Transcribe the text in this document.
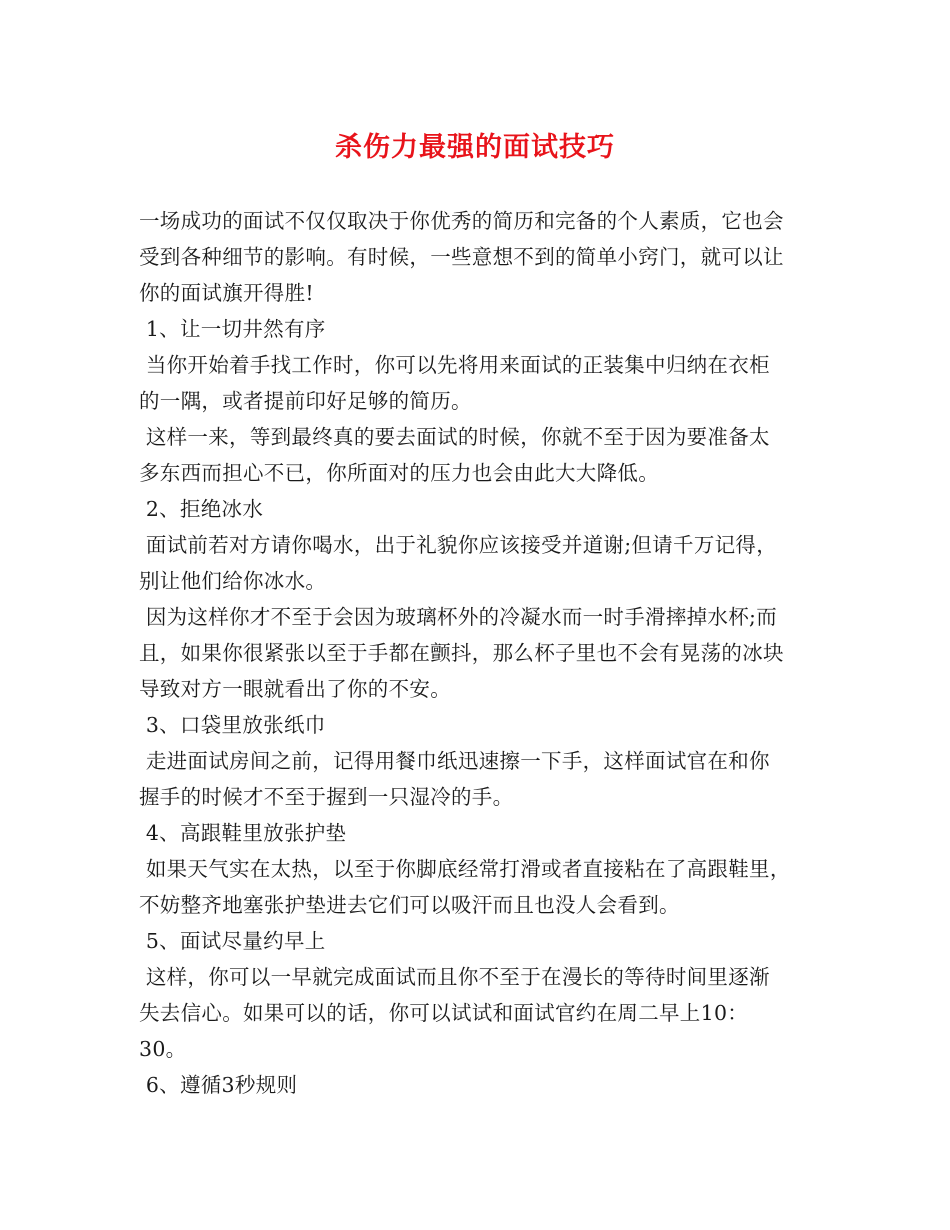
杀伤力最强的面试技巧
一场成功的面试不仅仅取决于你优秀的简历和完备的个人素质，它也会
受到各种细节的影响。有时候，一些意想不到的简单小窍门，就可以让
你的面试旗开得胜!
1、让一切井然有序
当你开始着手找工作时，你可以先将用来面试的正装集中归纳在衣柜
的一隅，或者提前印好足够的简历。
这样一来，等到最终真的要去面试的时候，你就不至于因为要准备太
多东西而担心不已，你所面对的压力也会由此大大降低。
2、拒绝冰水
面试前若对方请你喝水，出于礼貌你应该接受并道谢;但请千万记得，
别让他们给你冰水。
因为这样你才不至于会因为玻璃杯外的冷凝水而一时手滑摔掉水杯;而
且，如果你很紧张以至于手都在颤抖，那么杯子里也不会有晃荡的冰块
导致对方一眼就看出了你的不安。
3、口袋里放张纸巾
走进面试房间之前，记得用餐巾纸迅速擦一下手，这样面试官在和你
握手的时候才不至于握到一只湿冷的手。
4、高跟鞋里放张护垫
如果天气实在太热，以至于你脚底经常打滑或者直接粘在了高跟鞋里，
不妨整齐地塞张护垫进去它们可以吸汗而且也没人会看到。
5、面试尽量约早上
这样，你可以一早就完成面试而且你不至于在漫长的等待时间里逐渐
失去信心。如果可以的话，你可以试试和面试官约在周二早上10：
30。
6、遵循3秒规则
